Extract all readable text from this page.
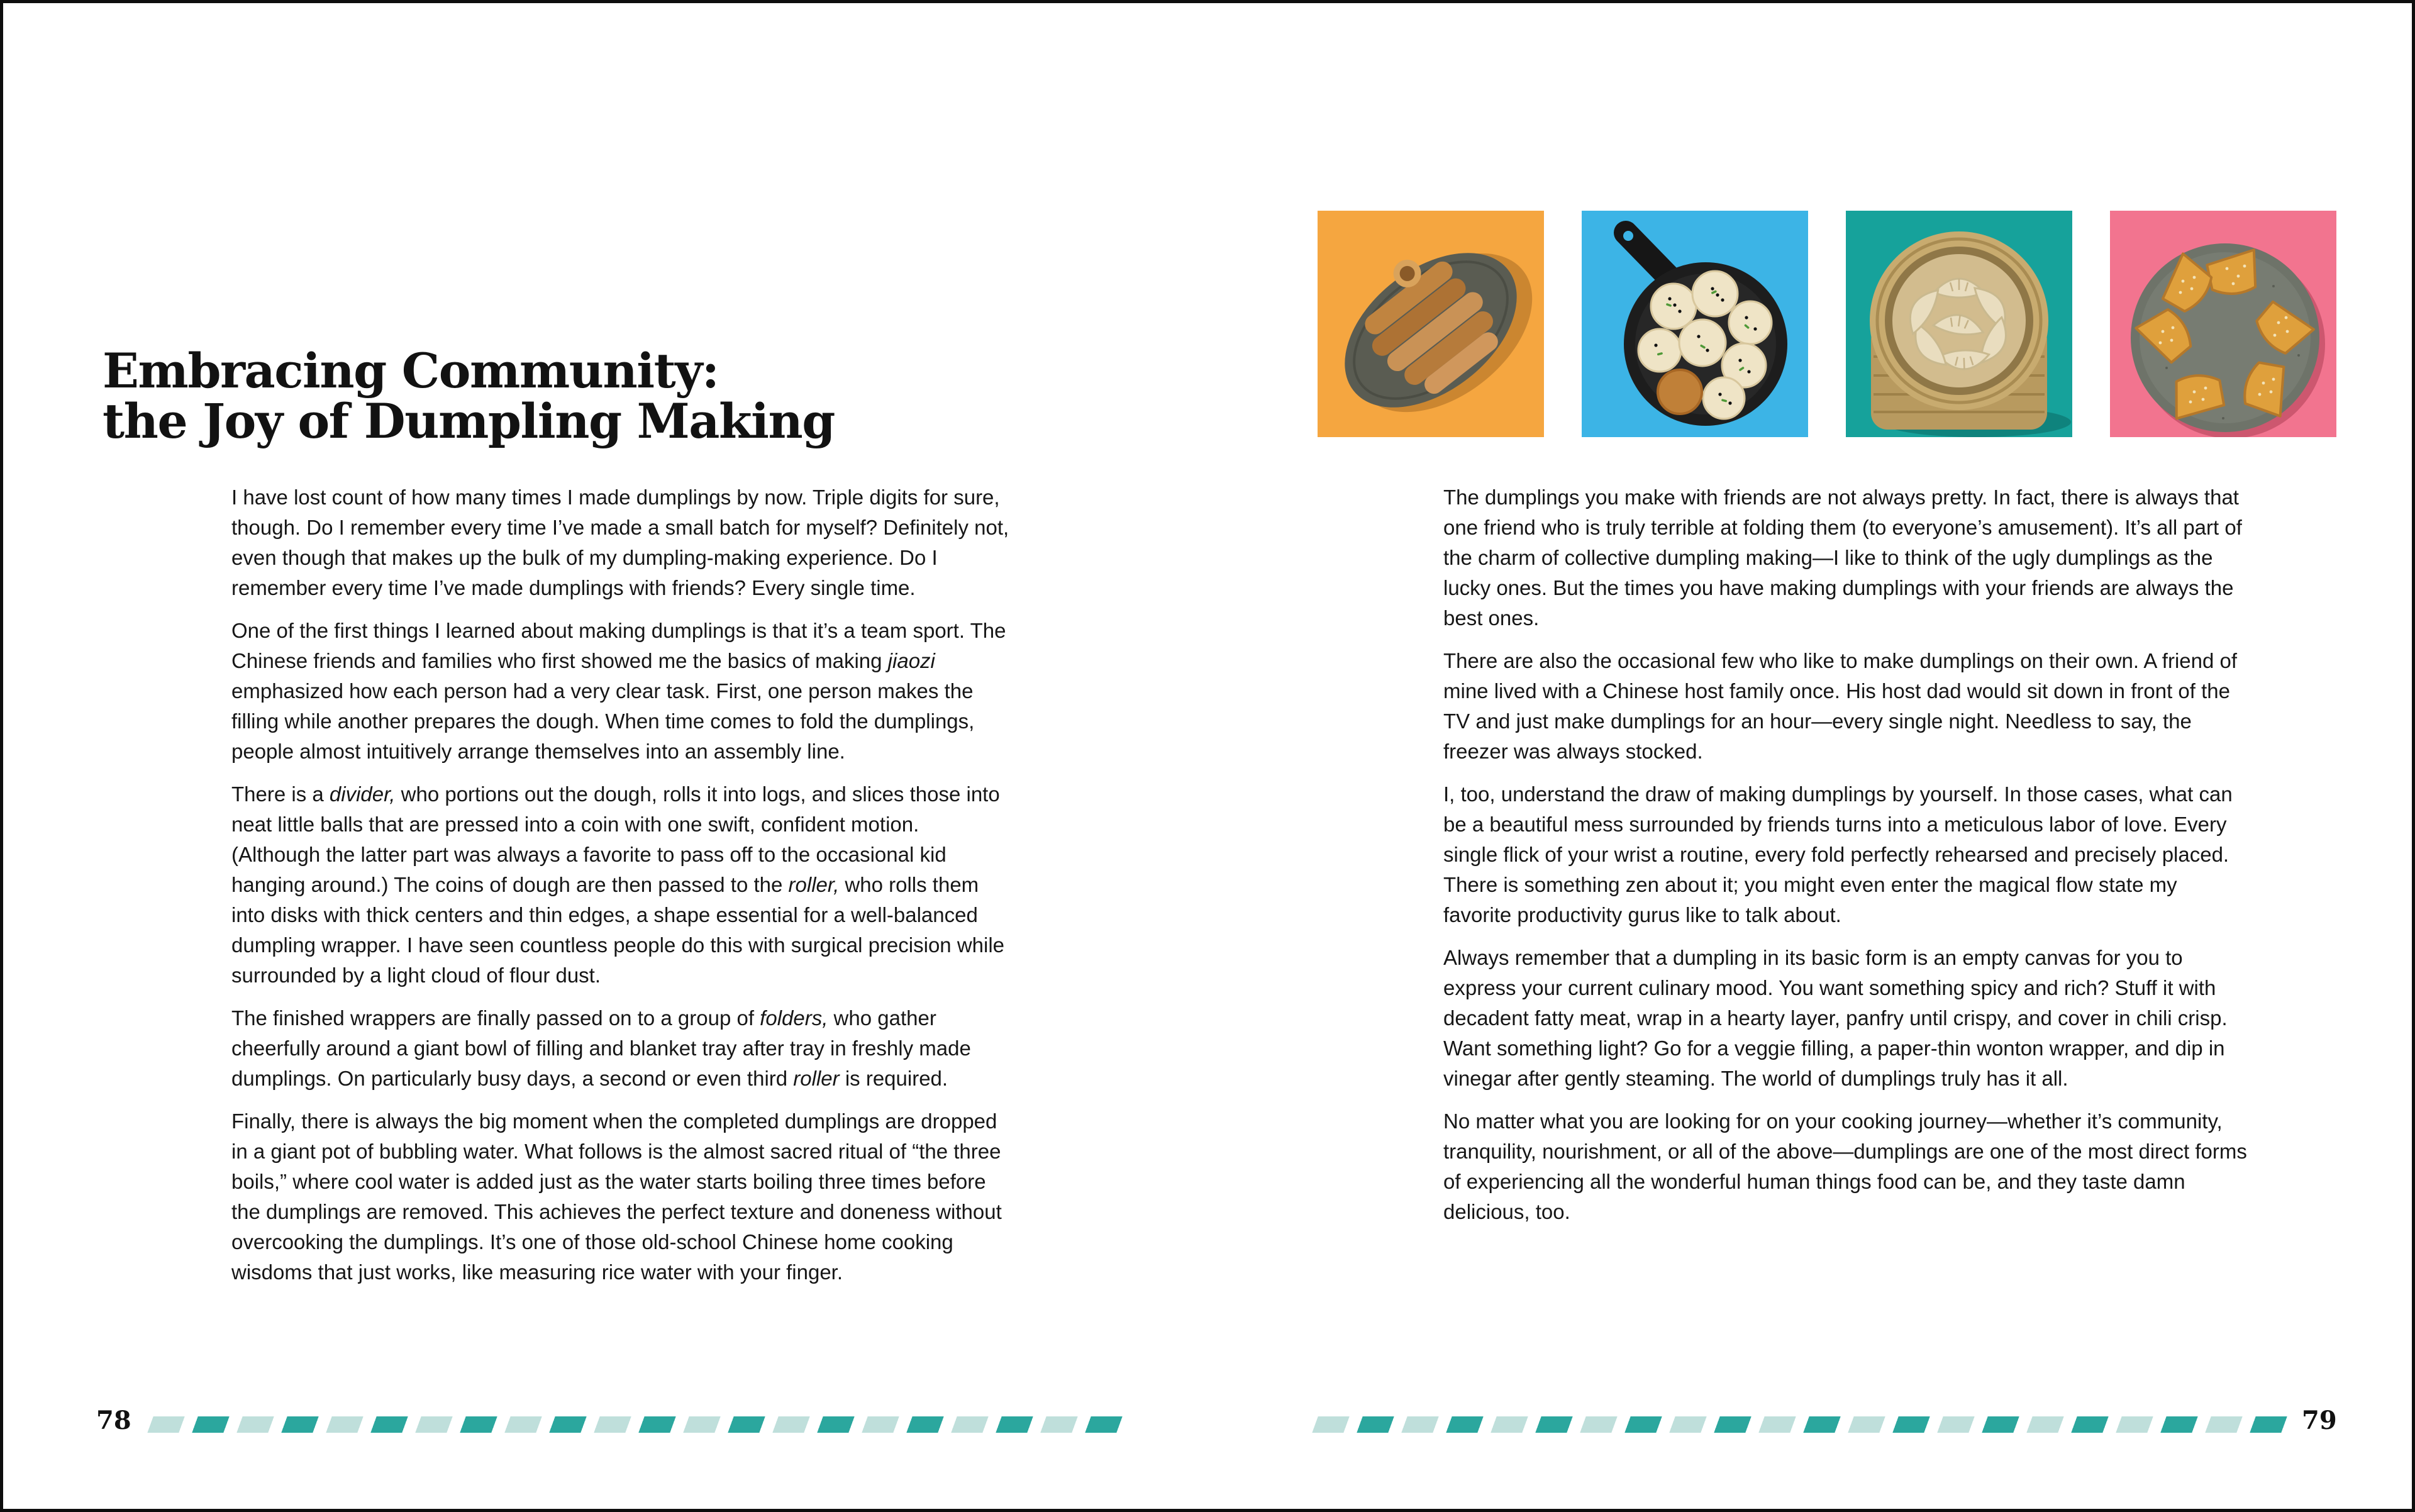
Embracing Community:
the Joy of Dumpling Making

I have lost count of how many times I made dumplings by now. Triple digits for sure, though. Do I remember every time I’ve made a small batch for myself? Definitely not, even though that makes up the bulk of my dumpling-making experience. Do I remember every time I’ve made dumplings with friends? Every single time.

One of the first things I learned about making dumplings is that it’s a team sport. The Chinese friends and families who first showed me the basics of making jiaozi emphasized how each person had a very clear task. First, one person makes the filling while another prepares the dough. When time comes to fold the dumplings, people almost intuitively arrange themselves into an assembly line.

There is a divider, who portions out the dough, rolls it into logs, and slices those into neat little balls that are pressed into a coin with one swift, confident motion. (Although the latter part was always a favorite to pass off to the occasional kid hanging around.) The coins of dough are then passed to the roller, who rolls them into disks with thick centers and thin edges, a shape essential for a well-balanced dumpling wrapper. I have seen countless people do this with surgical precision while surrounded by a light cloud of flour dust.

The finished wrappers are finally passed on to a group of folders, who gather cheerfully around a giant bowl of filling and blanket tray after tray in freshly made dumplings. On particularly busy days, a second or even third roller is required.

Finally, there is always the big moment when the completed dumplings are dropped in a giant pot of bubbling water. What follows is the almost sacred ritual of “the three boils,” where cool water is added just as the water starts boiling three times before the dumplings are removed. This achieves the perfect texture and doneness without overcooking the dumplings. It’s one of those old-school Chinese home cooking wisdoms that just works, like measuring rice water with your finger.

The dumplings you make with friends are not always pretty. In fact, there is always that one friend who is truly terrible at folding them (to everyone’s amusement). It’s all part of the charm of collective dumpling making—I like to think of the ugly dumplings as the lucky ones. But the times you have making dumplings with your friends are always the best ones.

There are also the occasional few who like to make dumplings on their own. A friend of mine lived with a Chinese host family once. His host dad would sit down in front of the TV and just make dumplings for an hour—every single night. Needless to say, the freezer was always stocked.

I, too, understand the draw of making dumplings by yourself. In those cases, what can be a beautiful mess surrounded by friends turns into a meticulous labor of love. Every single flick of your wrist a routine, every fold perfectly rehearsed and precisely placed. There is something zen about it; you might even enter the magical flow state my favorite productivity gurus like to talk about.

Always remember that a dumpling in its basic form is an empty canvas for you to express your current culinary mood. You want something spicy and rich? Stuff it with decadent fatty meat, wrap in a hearty layer, panfry until crispy, and cover in chili crisp. Want something light? Go for a veggie filling, a paper-thin wonton wrapper, and dip in vinegar after gently steaming. The world of dumplings truly has it all.

No matter what you are looking for on your cooking journey—whether it’s community, tranquility, nourishment, or all of the above—dumplings are one of the most direct forms of experiencing all the wonderful human things food can be, and they taste damn delicious, too.

78	79
